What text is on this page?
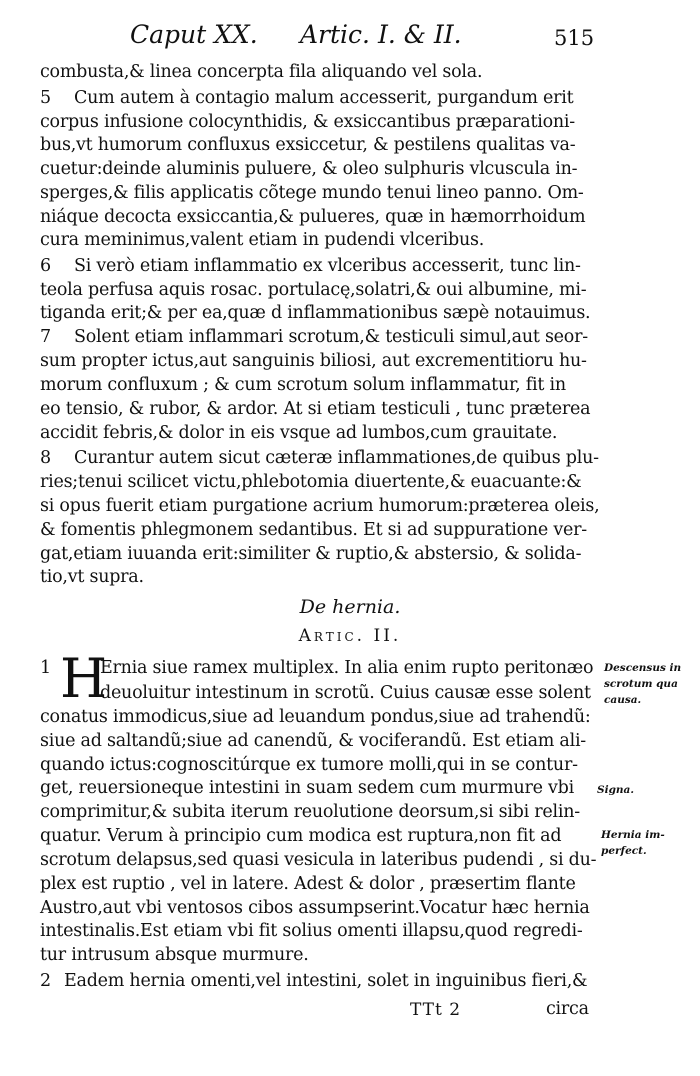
Caput XX. Artic. I. & II.	515
combusta,& linea concerpta fila aliquando vel sola.
5 Cum autem à contagio malum accesserit, purgandum erit
corpus infusione colocynthidis, & exsiccantibus præparationi-
bus,vt humorum confluxus exsiccetur, & pestilens qualitas va-
cuetur:deinde aluminis puluere, & oleo sulphuris vlcuscula in-
sperges,& filis applicatis cõtege mundo tenui lineo panno. Om-
niáque decocta exsiccantia,& pulueres, quæ in hæmorrhoidum
cura meminimus,valent etiam in pudendi vlceribus.
6 Si verò etiam inflammatio ex vlceribus accesserit, tunc lin-
teola perfusa aquis rosac. portulacę,solatri,& oui albumine, mi-
tiganda erit;& per ea,quæ d inflammationibus sæpè notauimus.
7 Solent etiam inflammari scrotum,& testiculi simul,aut seor-
sum propter ictus,aut sanguinis biliosi, aut excrementitioru hu-
morum confluxum ; & cum scrotum solum inflammatur, fit in
eo tensio, & rubor, & ardor. At si etiam testiculi , tunc præterea
accidit febris,& dolor in eis vsque ad lumbos,cum grauitate.
8 Curantur autem sicut cæteræ inflammationes,de quibus plu-
ries;tenui scilicet victu,phlebotomia diuertente,& euacuante:&
si opus fuerit etiam purgatione acrium humorum:præterea oleis,
& fomentis phlegmonem sedantibus. Et si ad suppuratione ver-
gat,etiam iuuanda erit:similiter & ruptio,& abstersio, & solida-
tio,vt supra.
De hernia.
Artic. II.
1 H
Ernia siue ramex multiplex. In alia enim rupto peritonæo
deuoluitur intestinum in scrotũ. Cuius causæ esse solent
conatus immodicus,siue ad leuandum pondus,siue ad trahendũ:
siue ad saltandũ;siue ad canendũ, & vociferandũ. Est etiam ali-
quando ictus:cognoscitúrque ex tumore molli,qui in se contur-
get, reuersioneque intestini in suam sedem cum murmure vbi
comprimitur,& subita iterum reuolutione deorsum,si sibi relin-
quatur. Verum à principio cum modica est ruptura,non fit ad
scrotum delapsus,sed quasi vesicula in lateribus pudendi , si du-
plex est ruptio , vel in latere. Adest & dolor , præsertim flante
Austro,aut vbi ventosos cibos assumpserint.Vocatur hæc hernia
intestinalis.Est etiam vbi fit solius omenti illapsu,quod regredi-
tur intrusum absque murmure.
2 Eadem hernia omenti,vel intestini, solet in inguinibus fieri,&
Descensus in
scrotum qua
causa.
Signa.
Hernia im-
perfect.
TTt 2	circa
